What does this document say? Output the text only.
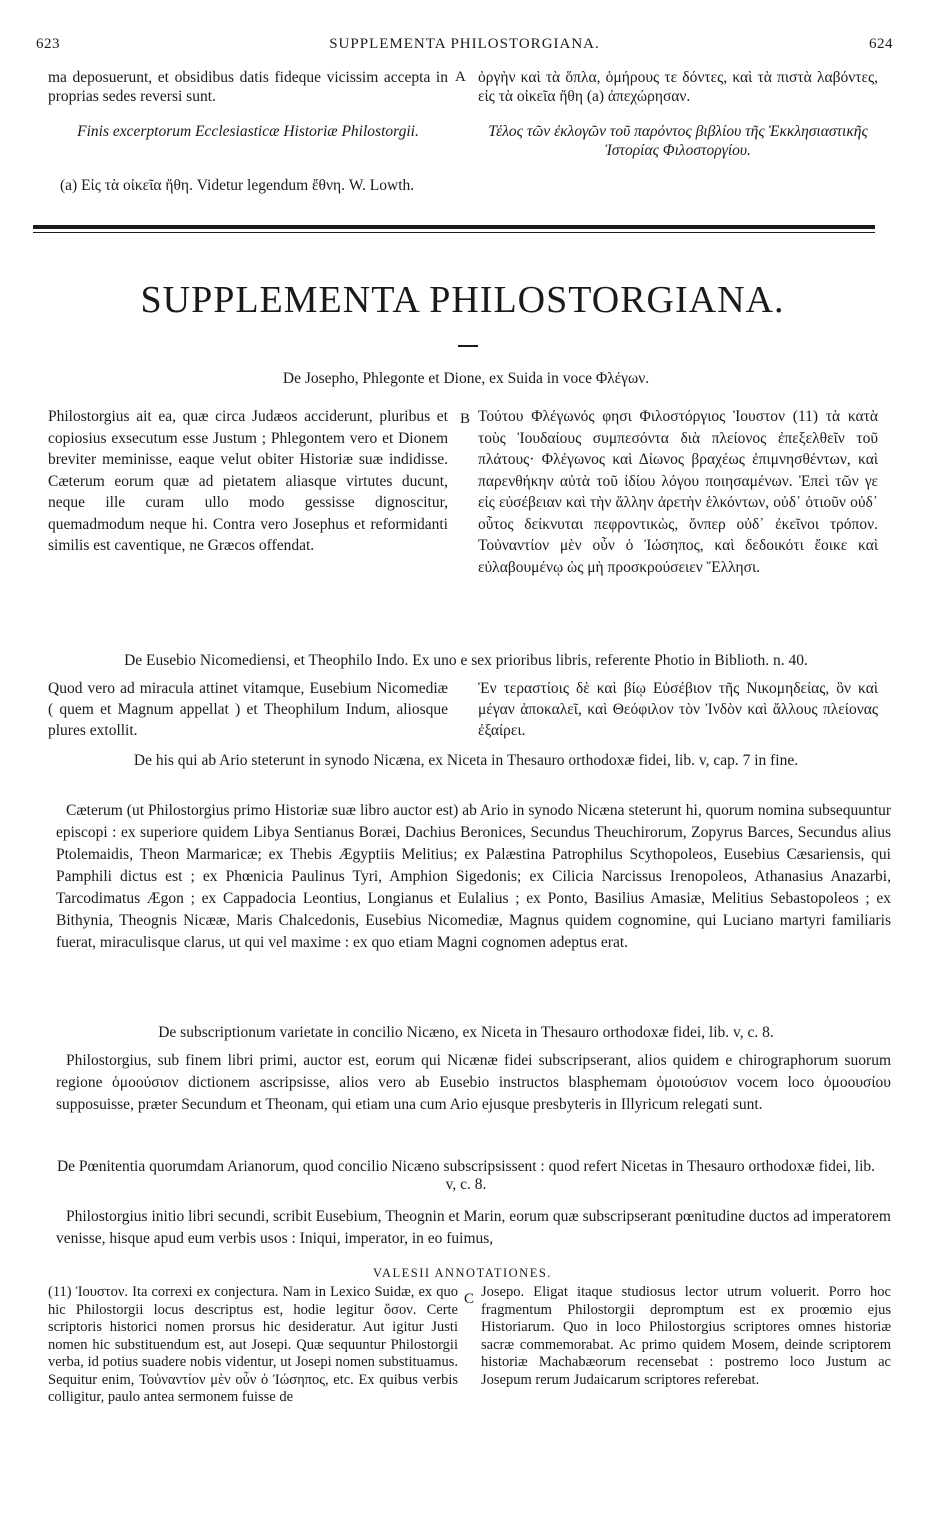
623	SUPPLEMENTA PHILOSTORGIANA.	624
ma deposuerunt, et obsidibus datis fideque vicissim accepta in proprias sedes reversi sunt.
A ὀργὴν καὶ τὰ ὅπλα, ὁμήρους τε δόντες, καὶ τὰ πιστὰ λαβόντες, εἰς τὰ οἰκεῖα ἤθη (a) ἀπεχώρησαν.
Finis excerptorum Ecclesiasticæ Historiæ Philostorgii.	Τέλος τῶν ἐκλογῶν τοῦ παρόντος βιβλίου τῆς Ἐκκλησιαστικῆς Ἱστορίας Φιλοστοργίου.
(a) Εἰς τὰ οἰκεῖα ἤθη. Videtur legendum ἔθνη. W. Lowth.
SUPPLEMENTA PHILOSTORGIANA.
De Josepho, Phlegonte et Dione, ex Suida in voce Φλέγων.
Philostorgius ait ea, quæ circa Judæos acciderunt, pluribus et copiosius exsecutum esse Justum ; Phlegontem vero et Dionem breviter meminisse, eaque velut obiter Historiæ suæ indidisse. Cæterum eorum quæ ad pietatem aliasque virtutes ducunt, neque ille curam ullo modo gessisse dignoscitur, quemadmodum neque hi. Contra vero Josephus et reformidanti similis est caventique, ne Græcos offendat.
B Τούτου Φλέγωνός φησι Φιλοστόργιος Ἰουστον (11) τὰ κατὰ τοὺς Ἰουδαίους συμπεσόντα διὰ πλείονος ἐπεξελθεῖν τοῦ πλάτους· Φλέγωνος καὶ Δίωνος βραχέως ἐπιμνησθέντων, καὶ παρενθήκην αὐτὰ τοῦ ἰδίου λόγου ποιησαμένων. Ἐπεὶ τῶν γε εἰς εὐσέβειαν καὶ τὴν ἄλλην ἀρετὴν ἑλκόντων, οὐδ᾽ ὁτιοῦν οὐδ᾽ οὗτος δείκνυται πεφροντικὼς, ὅνπερ οὐδ᾽ ἐκεῖνοι τρόπον. Τοὐναντίον μὲν οὖν ὁ Ἰώσηπος, καὶ δεδοικότι ἔοικε καὶ εὐλαβουμένῳ ὡς μὴ προσκρούσειεν Ἕλλησι.
De Eusebio Nicomediensi, et Theophilo Indo. Ex uno e sex prioribus libris, referente Photio in Biblioth. n. 40.
Quod vero ad miracula attinet vitamque, Eusebium Nicomediæ ( quem et Magnum appellat ) et Theophilum Indum, aliosque plures extollit.
Ἐν τεραστίοις δὲ καὶ βίῳ Εὐσέβιον τῆς Νικομηδείας, ὃν καὶ μέγαν ἀποκαλεῖ, καὶ Θεόφιλον τὸν Ἰνδὸν καὶ ἄλλους πλείονας ἐξαίρει.
De his qui ab Ario steterunt in synodo Nicæna, ex Niceta in Thesauro orthodoxæ fidei, lib. v, cap. 7 in fine.
Cæterum (ut Philostorgius primo Historiæ suæ libro auctor est) ab Ario in synodo Nicæna steterunt hi, quorum nomina subsequuntur episcopi : ex superiore quidem Libya Sentianus Boræi, Dachius Beronices, Secundus Theuchirorum, Zopyrus Barces, Secundus alius Ptolemaidis, Theon Marmaricæ; ex Thebis Ægyptiis Melitius; ex Palæstina Patrophilus Scythopoleos, Eusebius Cæsariensis, qui Pamphili dictus est ; ex Phœnicia Paulinus Tyri, Amphion Sigedonis; ex Cilicia Narcissus Irenopoleos, Athanasius Anazarbi, Tarcodimatus Ægon ; ex Cappadocia Leontius, Longianus et Eulalius ; ex Ponto, Basilius Amasiæ, Melitius Sebastopoleos ; ex Bithynia, Theognis Nicææ, Maris Chalcedonis, Eusebius Nicomediæ, Magnus quidem cognomine, qui Luciano martyri familiaris fuerat, miraculisque clarus, ut qui vel maxime : ex quo etiam Magni cognomen adeptus erat.
De subscriptionum varietate in concilio Nicæno, ex Niceta in Thesauro orthodoxæ fidei, lib. v, c. 8.
Philostorgius, sub finem libri primi, auctor est, eorum qui Nicænæ fidei subscripserant, alios quidem e chirographorum suorum regione ὁμοούσιον dictionem ascripsisse, alios vero ab Eusebio instructos blasphemam ὁμοιούσιον vocem loco ὁμοουσίου supposuisse, præter Secundum et Theonam, qui etiam una cum Ario ejusque presbyteris in Illyricum relegati sunt.
De Pœnitentia quorumdam Arianorum, quod concilio Nicæno subscripsissent : quod refert Nicetas in Thesauro orthodoxæ fidei, lib. v, c. 8.
Philostorgius initio libri secundi, scribit Eusebium, Theognin et Marin, eorum quæ subscripserant pœnitudine ductos ad imperatorem venisse, hisque apud eum verbis usos : Iniqui, imperator, in eo fuimus,
VALESII ANNOTATIONES.
(11) Ἰουστον. Ita correxi ex conjectura. Nam in Lexico Suidæ, ex quo hic Philostorgii locus descriptus est, hodie legitur ὅσον. Certe scriptoris historici nomen prorsus hic desideratur. Aut igitur Justi nomen hic substituendum est, aut Josepi. Quæ sequuntur Philostorgii verba, id potius suadere nobis videntur, ut Josepi nomen substituamus. Sequitur enim, Τοὐναντίον μὲν οὖν ὁ Ἰώσηπος, etc. Ex quibus verbis colligitur, paulo antea sermonem fuisse de
C Josepo. Eligat itaque studiosus lector utrum voluerit. Porro hoc fragmentum Philostorgii depromptum est ex proœmio ejus Historiarum. Quo in loco Philostorgius scriptores omnes historiæ sacræ commemorabat. Ac primo quidem Mosem, deinde scriptorem historiæ Machabæorum recensebat : postremo loco Justum ac Josepum rerum Judaicarum scriptores referebat.
